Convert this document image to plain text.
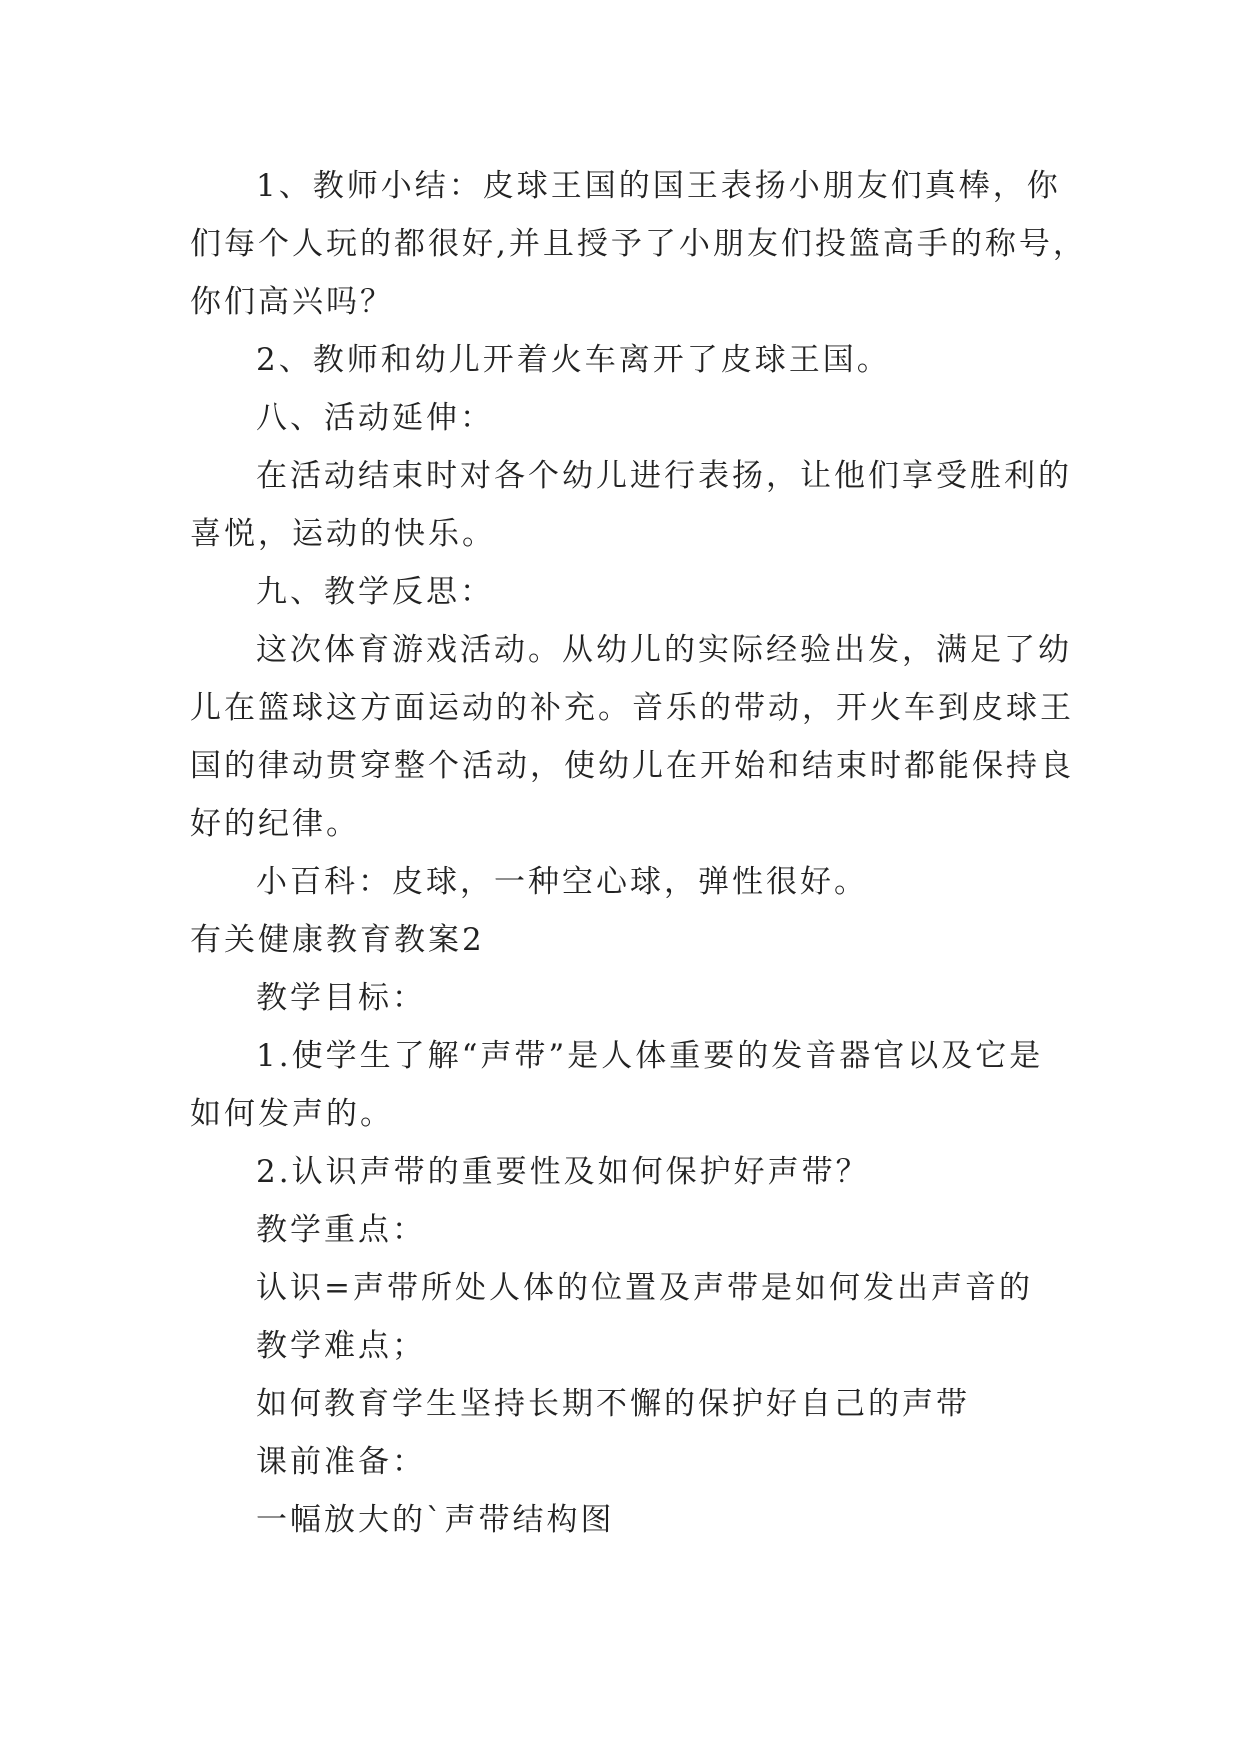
1、教师小结：皮球王国的国王表扬小朋友们真棒，你
们每个人玩的都很好,并且授予了小朋友们投篮高手的称号，
你们高兴吗？
2、教师和幼儿开着火车离开了皮球王国。
八、活动延伸：
在活动结束时对各个幼儿进行表扬，让他们享受胜利的
喜悦，运动的快乐。
九、教学反思：
这次体育游戏活动。从幼儿的实际经验出发，满足了幼
儿在篮球这方面运动的补充。音乐的带动，开火车到皮球王
国的律动贯穿整个活动，使幼儿在开始和结束时都能保持良
好的纪律。
小百科：皮球，一种空心球，弹性很好。
有关健康教育教案2
教学目标：
1.使学生了解“声带”是人体重要的发音器官以及它是
如何发声的。
2.认识声带的重要性及如何保护好声带？
教学重点：
认识=声带所处人体的位置及声带是如何发出声音的
教学难点；
如何教育学生坚持长期不懈的保护好自己的声带
课前准备：
一幅放大的`声带结构图
